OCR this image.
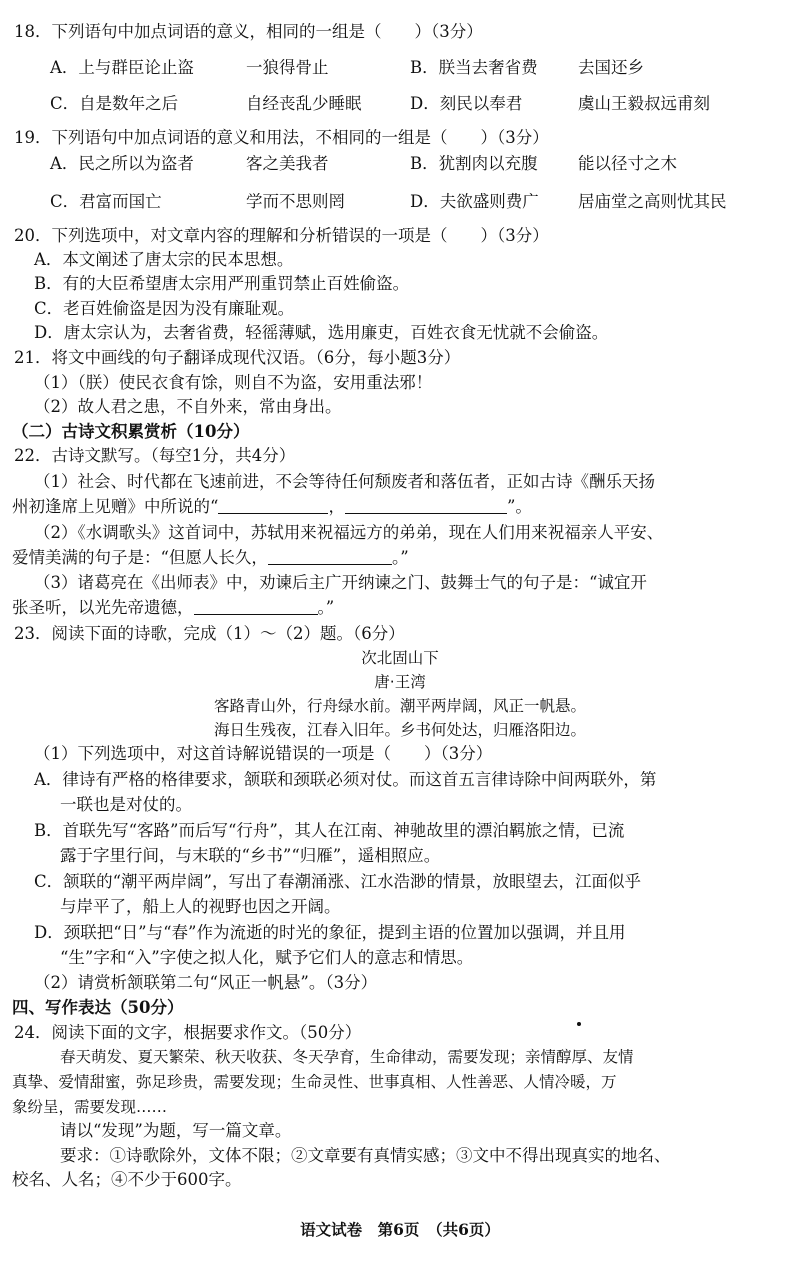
18．下列语句中加点词语的意义，相同的一组是（　　）（3分）
A．上与群臣论止盗	一狼得骨止	B．朕当去奢省费 去国还乡
C．自是数年之后	自经丧乱少睡眠	D．刻民以奉君	虞山王毅叔远甫刻
19．下列语句中加点词语的意义和用法，不相同的一组是（　　）（3分）
A．民之所以为盗者	客之美我者	B．犹割肉以充腹 能以径寸之木
C．君富而国亡	学而不思则罔	D．夫欲盛则费广 居庙堂之高则忧其民
20．下列选项中，对文章内容的理解和分析错误的一项是（　　）（3分）
A．本文阐述了唐太宗的民本思想。
B．有的大臣希望唐太宗用严刑重罚禁止百姓偷盗。
C．老百姓偷盗是因为没有廉耻观。
D．唐太宗认为，去奢省费，轻徭薄赋，选用廉吏，百姓衣食无忧就不会偷盗。
21．将文中画线的句子翻译成现代汉语。（6分，每小题3分）
（1）（朕）使民衣食有馀，则自不为盗，安用重法邪！
（2）故人君之患，不自外来，常由身出。
（二）古诗文积累赏析（10分）
22．古诗文默写。（每空1分，共4分）
（1）社会、时代都在飞速前进，不会等待任何颓废者和落伍者，正如古诗《酬乐天扬
州初逢席上见赠》中所说的“	，	”。
（2）《水调歌头》这首词中，苏轼用来祝福远方的弟弟，现在人们用来祝福亲人平安、
爱情美满的句子是：“但愿人长久，	。”
（3）诸葛亮在《出师表》中，劝谏后主广开纳谏之门、鼓舞士气的句子是：“诚宜开
张圣听，以光先帝遗德，	。”
23．阅读下面的诗歌，完成（1）～（2）题。（6分）
次北固山下
唐·王湾
客路青山外，行舟绿水前。潮平两岸阔，风正一帆悬。
海日生残夜，江春入旧年。乡书何处达，归雁洛阳边。
（1）下列选项中，对这首诗解说错误的一项是（　　）（3分）
A．律诗有严格的格律要求，颔联和颈联必须对仗。而这首五言律诗除中间两联外，第
一联也是对仗的。
B．首联先写“客路”而后写“行舟”，其人在江南、神驰故里的漂泊羁旅之情，已流
露于字里行间，与末联的“乡书”“归雁”，遥相照应。
C．颔联的“潮平两岸阔”，写出了春潮涌涨、江水浩渺的情景，放眼望去，江面似乎
与岸平了，船上人的视野也因之开阔。
D．颈联把“日”与“春”作为流逝的时光的象征，提到主语的位置加以强调，并且用
“生”字和“入”字使之拟人化，赋予它们人的意志和情思。
（2）请赏析颔联第二句“风正一帆悬”。（3分）
四、写作表达（50分）
24．阅读下面的文字，根据要求作文。（50分）
春天萌发、夏天繁荣、秋天收获、冬天孕育，生命律动，需要发现；亲情醇厚、友情
真挚、爱情甜蜜，弥足珍贵，需要发现；生命灵性、世事真相、人性善恶、人情冷暖，万
象纷呈，需要发现……
请以“发现”为题，写一篇文章。
要求：①诗歌除外，文体不限；②文章要有真情实感；③文中不得出现真实的地名、
校名、人名；④不少于600字。
语文试卷　第6页　（共6页）
